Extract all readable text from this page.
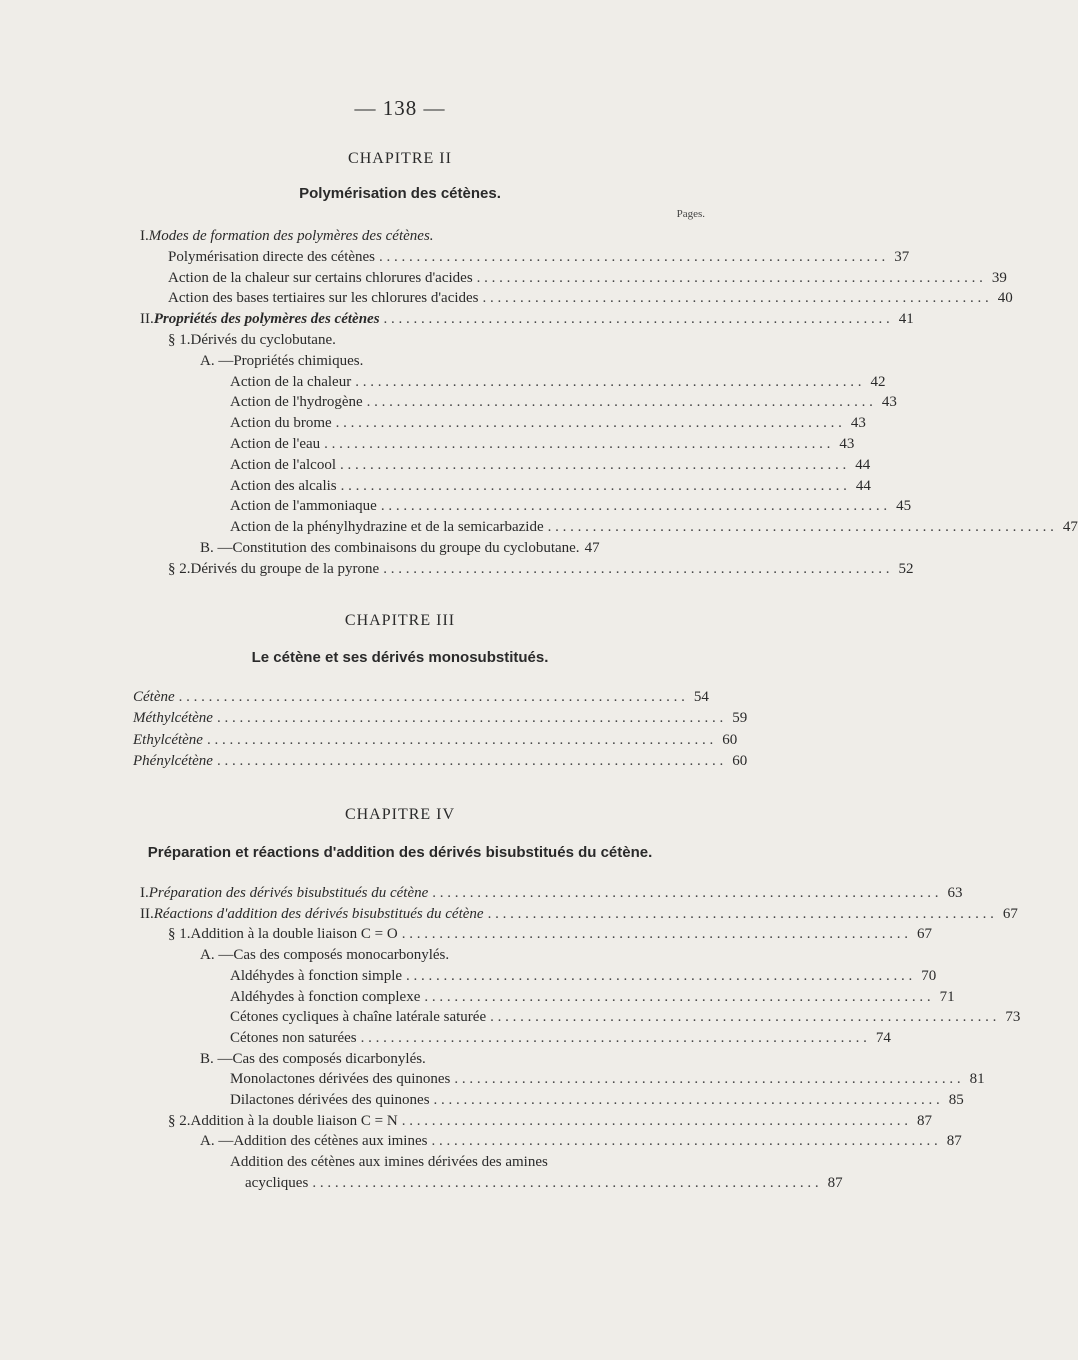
— 138 —
CHAPITRE II
Polymérisation des cétènes.
Pages.
I. Modes de formation des polymères des cétènes.
Polymérisation directe des cétènes . . .	37
Action de la chaleur sur certains chlorures d'acides . . .	39
Action des bases tertiaires sur les chlorures d'acides . . .	40
II. Propriétés des polymères des cétènes . . .	41
§ 1. Dérivés du cyclobutane.
A. — Propriétés chimiques.
Action de la chaleur . . .	42
Action de l'hydrogène . . .	43
Action du brome . . .	43
Action de l'eau . . .	43
Action de l'alcool . . .	44
Action des alcalis . . .	44
Action de l'ammoniaque . . .	45
Action de la phénylhydrazine et de la semicarbazide . . .	47
B. — Constitution des combinaisons du groupe du cyclobutane. 47
§ 2. Dérivés du groupe de la pyrone . . .	52
CHAPITRE III
Le cétène et ses dérivés monosubstitués.
Cétène . . .	54
Méthylcétène . . .	59
Ethylcétène . . .	60
Phénylcétène . . .	60
CHAPITRE IV
Préparation et réactions d'addition des dérivés bisubstitués du cétène.
I. Préparation des dérivés bisubstitués du cétène . . .	63
II. Réactions d'addition des dérivés bisubstitués du cétène . . .	67
§ 1. Addition à la double liaison C = O . . .	67
A. — Cas des composés monocarbonylés.
Aldéhydes à fonction simple . . .	70
Aldéhydes à fonction complexe . . .	71
Cétones cycliques à chaîne latérale saturée . . .	73
Cétones non saturées . . .	74
B. — Cas des composés dicarbonylés.
Monolactones dérivées des quinones . . .	81
Dilactones dérivées des quinones . . .	85
§ 2. Addition à la double liaison C = N . . .	87
A. — Addition des cétènes aux imines . . .	87
Addition des cétènes aux imines dérivées des amines
acycliques . . .	87
